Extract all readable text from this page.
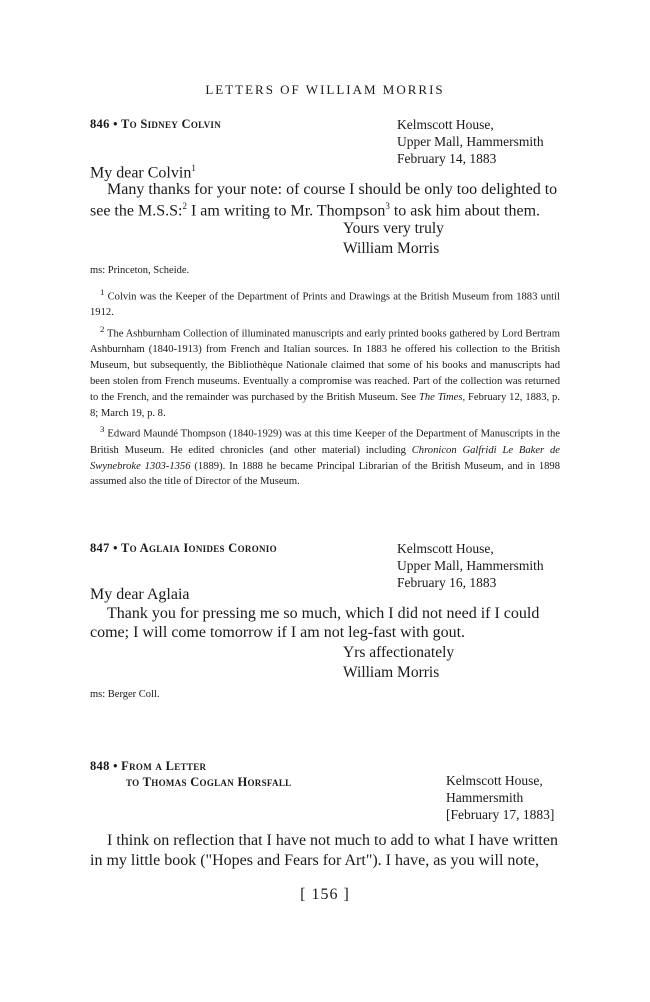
LETTERS OF WILLIAM MORRIS
846 • To Sidney Colvin	Kelmscott House,
Upper Mall, Hammersmith
February 14, 1883
My dear Colvin$^1$
Many thanks for your note: of course I should be only too delighted to
see the M.S.S:$^2$ I am writing to Mr. Thompson$^3$ to ask him about them.
Yours very truly
William Morris
ms: Princeton, Scheide.

$^1$ Colvin was the Keeper of the Department of Prints and Drawings at the British Museum from 1883 until 1912.

$^2$ The Ashburnham Collection of illuminated manuscripts and early printed books gathered by Lord Bertram Ashburnham (1840-1913) from French and Italian sources. In 1883 he offered his collection to the British Museum, but subsequently, the Bibliothèque Nationale claimed that some of his books and manuscripts had been stolen from French museums. Eventually a compromise was reached. Part of the collection was returned to the French, and the remainder was purchased by the British Museum. See The Times, February 12, 1883, p. 8; March 19, p. 8.

$^3$ Edward Maundé Thompson (1840-1929) was at this time Keeper of the Department of Manuscripts in the British Museum. He edited chronicles (and other material) including Chronicon Galfridi Le Baker de Swynebroke 1303-1356 (1889). In 1888 he became Principal Librarian of the British Museum, and in 1898 assumed also the title of Director of the Museum.

847 • To Aglaia Ionides Coronio	Kelmscott House,
Upper Mall, Hammersmith
February 16, 1883
My dear Aglaia
Thank you for pressing me so much, which I did not need if I could
come; I will come tomorrow if I am not leg-fast with gout.
Yrs affectionately
William Morris
ms: Berger Coll.
848 • From a Letter
to Thomas Coglan Horsfall	Kelmscott House,
Hammersmith
[February 17, 1883]
I think on reflection that I have not much to add to what I have written
in my little book ("Hopes and Fears for Art"). I have, as you will note,
[ 156 ]
